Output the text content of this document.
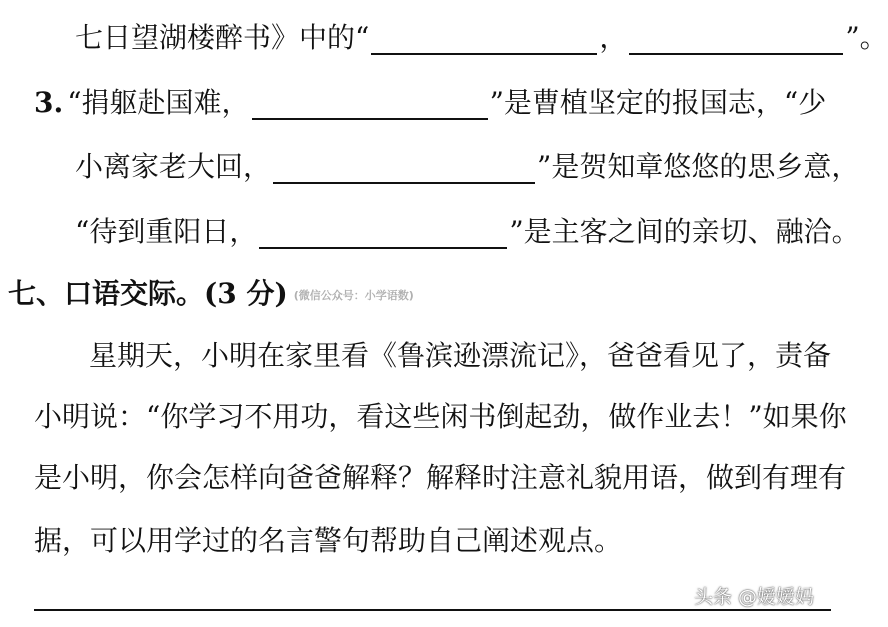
七日望湖楼醉书》中的“	，	”。
3. “捐躯赴国难，	”是曹植坚定的报国志，“少
小离家老大回，	”是贺知章悠悠的思乡意，
“待到重阳日，	”是主客之间的亲切、融洽。
七、口语交际。(3 分) (微信公众号：小学语数)
星期天，小明在家里看《鲁滨逊漂流记》，爸爸看见了，责备
小明说：“你学习不用功，看这些闲书倒起劲，做作业去！”如果你
是小明，你会怎样向爸爸解释？解释时注意礼貌用语，做到有理有
据，可以用学过的名言警句帮助自己阐述观点。
头条 @嫒嫒妈
